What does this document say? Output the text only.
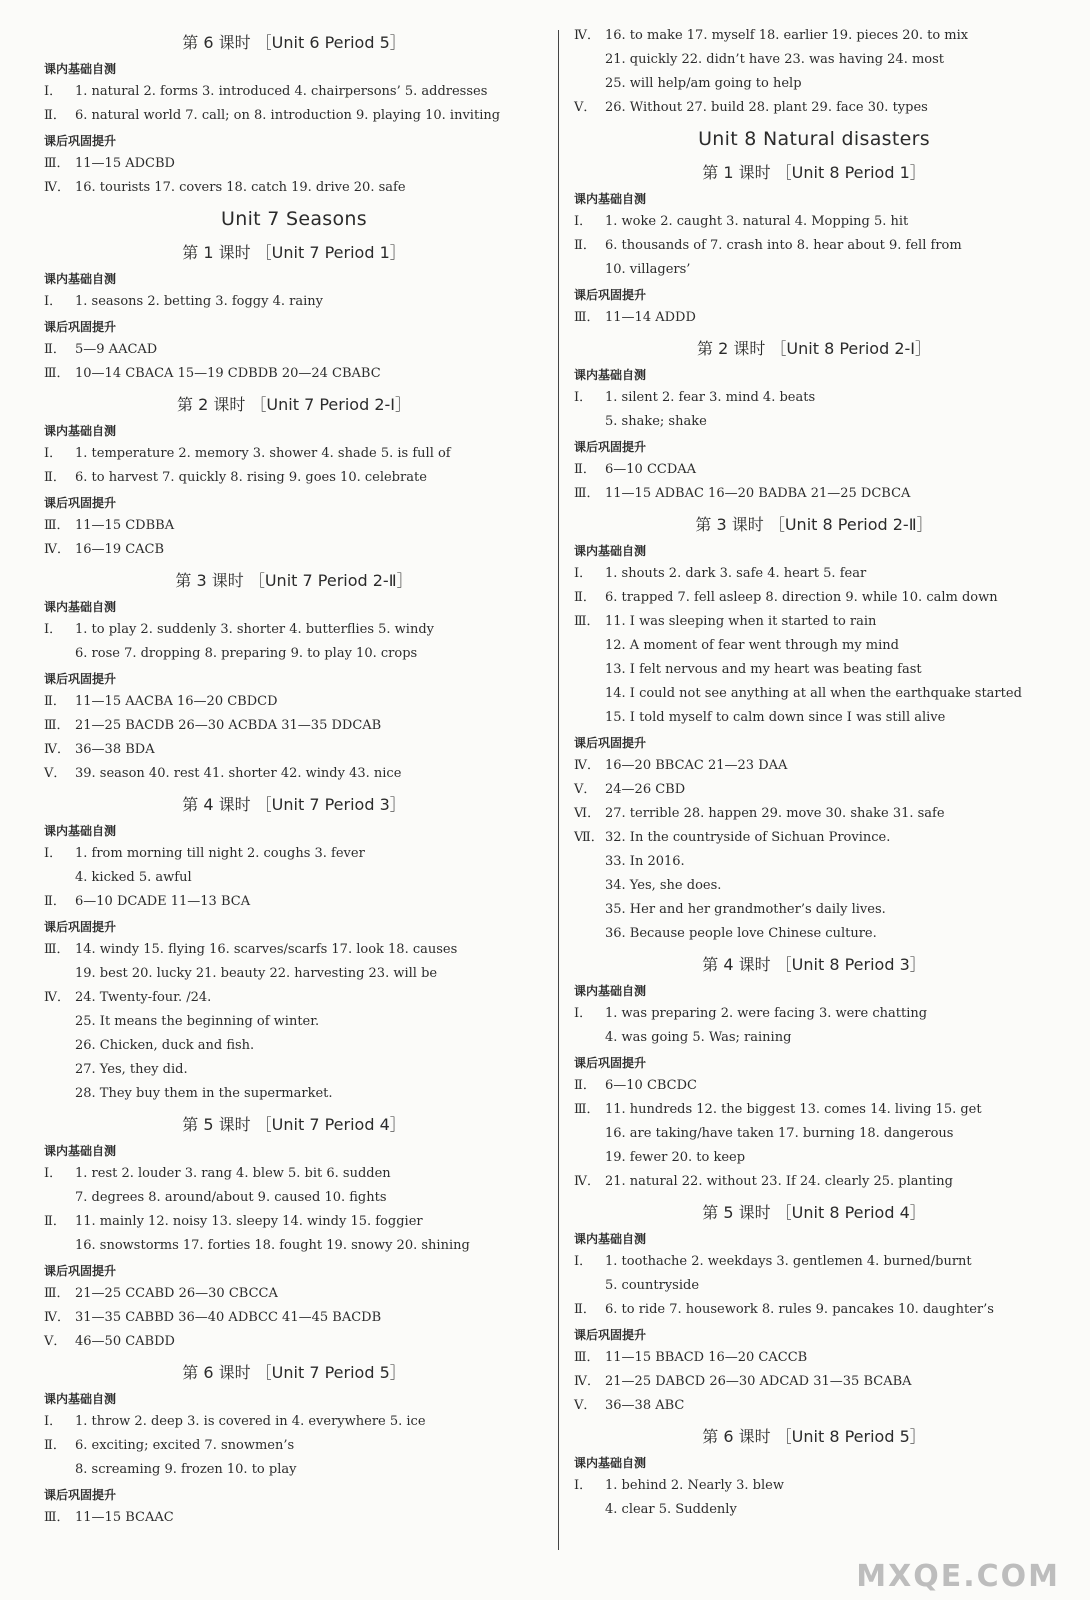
第 6 课时 ［Unit 6 Period 5］
课内基础自测
Ⅰ． 1. natural 2. forms 3. introduced 4. chairpersons’ 5. addresses
Ⅱ． 6. natural world 7. call; on 8. introduction 9. playing 10. inviting
课后巩固提升
Ⅲ． 11—15 ADCBD
Ⅳ． 16. tourists 17. covers 18. catch 19. drive 20. safe
Unit 7 Seasons
第 1 课时 ［Unit 7 Period 1］
课内基础自测
Ⅰ． 1. seasons 2. betting 3. foggy 4. rainy
课后巩固提升
Ⅱ． 5—9 AACAD
Ⅲ． 10—14 CBACA 15—19 CDBDB 20—24 CBABC
第 2 课时 ［Unit 7 Period 2-Ⅰ］
课内基础自测
Ⅰ． 1. temperature 2. memory 3. shower 4. shade 5. is full of
Ⅱ． 6. to harvest 7. quickly 8. rising 9. goes 10. celebrate
课后巩固提升
Ⅲ． 11—15 CDBBA
Ⅳ． 16—19 CACB
第 3 课时 ［Unit 7 Period 2-Ⅱ］
课内基础自测
Ⅰ． 1. to play 2. suddenly 3. shorter 4. butterflies 5. windy
6. rose 7. dropping 8. preparing 9. to play 10. crops
课后巩固提升
Ⅱ． 11—15 AACBA 16—20 CBDCD
Ⅲ． 21—25 BACDB 26—30 ACBDA 31—35 DDCAB
Ⅳ． 36—38 BDA
Ⅴ． 39. season 40. rest 41. shorter 42. windy 43. nice
第 4 课时 ［Unit 7 Period 3］
课内基础自测
Ⅰ． 1. from morning till night 2. coughs 3. fever
4. kicked 5. awful
Ⅱ． 6—10 DCADE 11—13 BCA
课后巩固提升
Ⅲ． 14. windy 15. flying 16. scarves/scarfs 17. look 18. causes
19. best 20. lucky 21. beauty 22. harvesting 23. will be
Ⅳ． 24. Twenty-four. /24.
25. It means the beginning of winter.
26. Chicken, duck and fish.
27. Yes, they did.
28. They buy them in the supermarket.
第 5 课时 ［Unit 7 Period 4］
课内基础自测
Ⅰ． 1. rest 2. louder 3. rang 4. blew 5. bit 6. sudden
7. degrees 8. around/about 9. caused 10. fights
Ⅱ． 11. mainly 12. noisy 13. sleepy 14. windy 15. foggier
16. snowstorms 17. forties 18. fought 19. snowy 20. shining
课后巩固提升
Ⅲ． 21—25 CCABD 26—30 CBCCA
Ⅳ． 31—35 CABBD 36—40 ADBCC 41—45 BACDB
Ⅴ． 46—50 CABDD
第 6 课时 ［Unit 7 Period 5］
课内基础自测
Ⅰ． 1. throw 2. deep 3. is covered in 4. everywhere 5. ice
Ⅱ． 6. exciting; excited 7. snowmen’s
8. screaming 9. frozen 10. to play
课后巩固提升
Ⅲ． 11—15 BCAAC
Ⅳ． 16. to make 17. myself 18. earlier 19. pieces 20. to mix
21. quickly 22. didn’t have 23. was having 24. most
25. will help/am going to help
Ⅴ． 26. Without 27. build 28. plant 29. face 30. types
Unit 8 Natural disasters
第 1 课时 ［Unit 8 Period 1］
课内基础自测
Ⅰ． 1. woke 2. caught 3. natural 4. Mopping 5. hit
Ⅱ． 6. thousands of 7. crash into 8. hear about 9. fell from
10. villagers’
课后巩固提升
Ⅲ． 11—14 ADDD
第 2 课时 ［Unit 8 Period 2-Ⅰ］
课内基础自测
Ⅰ． 1. silent 2. fear 3. mind 4. beats
5. shake; shake
课后巩固提升
Ⅱ． 6—10 CCDAA
Ⅲ． 11—15 ADBAC 16—20 BADBA 21—25 DCBCA
第 3 课时 ［Unit 8 Period 2-Ⅱ］
课内基础自测
Ⅰ． 1. shouts 2. dark 3. safe 4. heart 5. fear
Ⅱ． 6. trapped 7. fell asleep 8. direction 9. while 10. calm down
Ⅲ． 11. I was sleeping when it started to rain
12. A moment of fear went through my mind
13. I felt nervous and my heart was beating fast
14. I could not see anything at all when the earthquake started
15. I told myself to calm down since I was still alive
课后巩固提升
Ⅳ． 16—20 BBCAC 21—23 DAA
Ⅴ． 24—26 CBD
Ⅵ． 27. terrible 28. happen 29. move 30. shake 31. safe
Ⅶ．32. In the countryside of Sichuan Province.
33. In 2016.
34. Yes, she does.
35. Her and her grandmother’s daily lives.
36. Because people love Chinese culture.
第 4 课时 ［Unit 8 Period 3］
课内基础自测
Ⅰ． 1. was preparing 2. were facing 3. were chatting
4. was going 5. Was; raining
课后巩固提升
Ⅱ． 6—10 CBCDC
Ⅲ． 11. hundreds 12. the biggest 13. comes 14. living 15. get
16. are taking/have taken 17. burning 18. dangerous
19. fewer 20. to keep
Ⅳ． 21. natural 22. without 23. If 24. clearly 25. planting
第 5 课时 ［Unit 8 Period 4］
课内基础自测
Ⅰ． 1. toothache 2. weekdays 3. gentlemen 4. burned/burnt
5. countryside
Ⅱ． 6. to ride 7. housework 8. rules 9. pancakes 10. daughter’s
课后巩固提升
Ⅲ． 11—15 BBACD 16—20 CACCB
Ⅳ． 21—25 DABCD 26—30 ADCAD 31—35 BCABA
Ⅴ． 36—38 ABC
第 6 课时 ［Unit 8 Period 5］
课内基础自测
Ⅰ． 1. behind 2. Nearly 3. blew
4. clear 5. Suddenly
MXQE.COM
